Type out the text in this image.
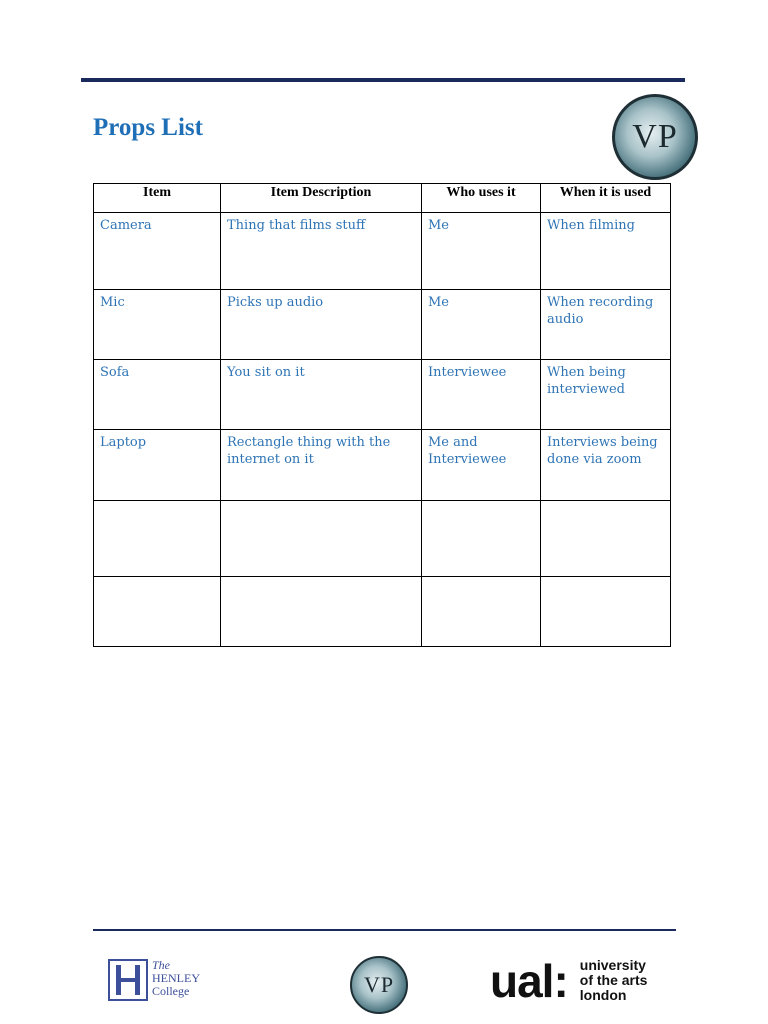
Props List	VP
Item	Item Description	Who uses it	When it is used
Camera	Thing that films stuff	Me	When filming
Mic	Picks up audio	Me	When recording audio
Sofa	You sit on it	Interviewee	When being interviewed
Laptop	Rectangle thing with the internet on it	Me and Interviewee	Interviews being done via zoom

The
HENLEY
College	VP ual: university
of the arts
london
